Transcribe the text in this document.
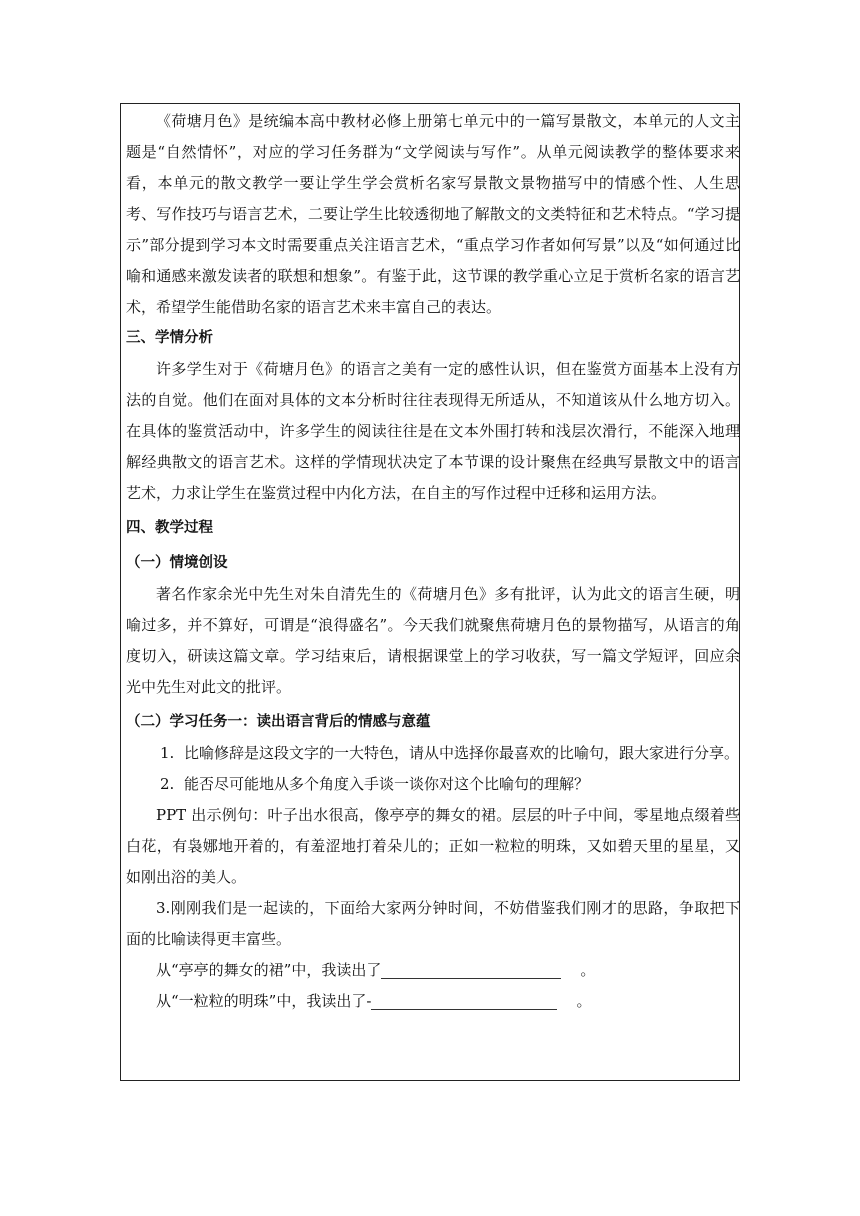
《荷塘月色》是统编本高中教材必修上册第七单元中的一篇写景散文，本单元的人文主题是“自然情怀”，对应的学习任务群为“文学阅读与写作”。从单元阅读教学的整体要求来看，本单元的散文教学一要让学生学会赏析名家写景散文景物描写中的情感个性、人生思考、写作技巧与语言艺术，二要让学生比较透彻地了解散文的文类特征和艺术特点。“学习提示”部分提到学习本文时需要重点关注语言艺术，“重点学习作者如何写景”以及“如何通过比喻和通感来激发读者的联想和想象”。有鉴于此，这节课的教学重心立足于赏析名家的语言艺术，希望学生能借助名家的语言艺术来丰富自己的表达。

三、学情分析

许多学生对于《荷塘月色》的语言之美有一定的感性认识，但在鉴赏方面基本上没有方法的自觉。他们在面对具体的文本分析时往往表现得无所适从，不知道该从什么地方切入。在具体的鉴赏活动中，许多学生的阅读往往是在文本外围打转和浅层次滑行，不能深入地理解经典散文的语言艺术。这样的学情现状决定了本节课的设计聚焦在经典写景散文中的语言艺术，力求让学生在鉴赏过程中内化方法，在自主的写作过程中迁移和运用方法。

四、教学过程
（一）情境创设

著名作家余光中先生对朱自清先生的《荷塘月色》多有批评，认为此文的语言生硬，明喻过多，并不算好，可谓是“浪得盛名”。今天我们就聚焦荷塘月色的景物描写，从语言的角度切入，研读这篇文章。学习结束后，请根据课堂上的学习收获，写一篇文学短评，回应余光中先生对此文的批评。

（二）学习任务一：读出语言背后的情感与意蕴

1. 比喻修辞是这段文字的一大特色，请从中选择你最喜欢的比喻句，跟大家进行分享。

2. 能否尽可能地从多个角度入手谈一谈你对这个比喻句的理解？

PPT 出示例句：叶子出水很高，像亭亭的舞女的裙。层层的叶子中间，零星地点缀着些白花，有袅娜地开着的，有羞涩地打着朵儿的；正如一粒粒的明珠，又如碧天里的星星，又如刚出浴的美人。

3.刚刚我们是一起读的，下面给大家两分钟时间，不妨借鉴我们刚才的思路，争取把下面的比喻读得更丰富些。

从“亭亭的舞女的裙”中，我读出了	。

从“一粒粒的明珠”中，我读出了-	。
